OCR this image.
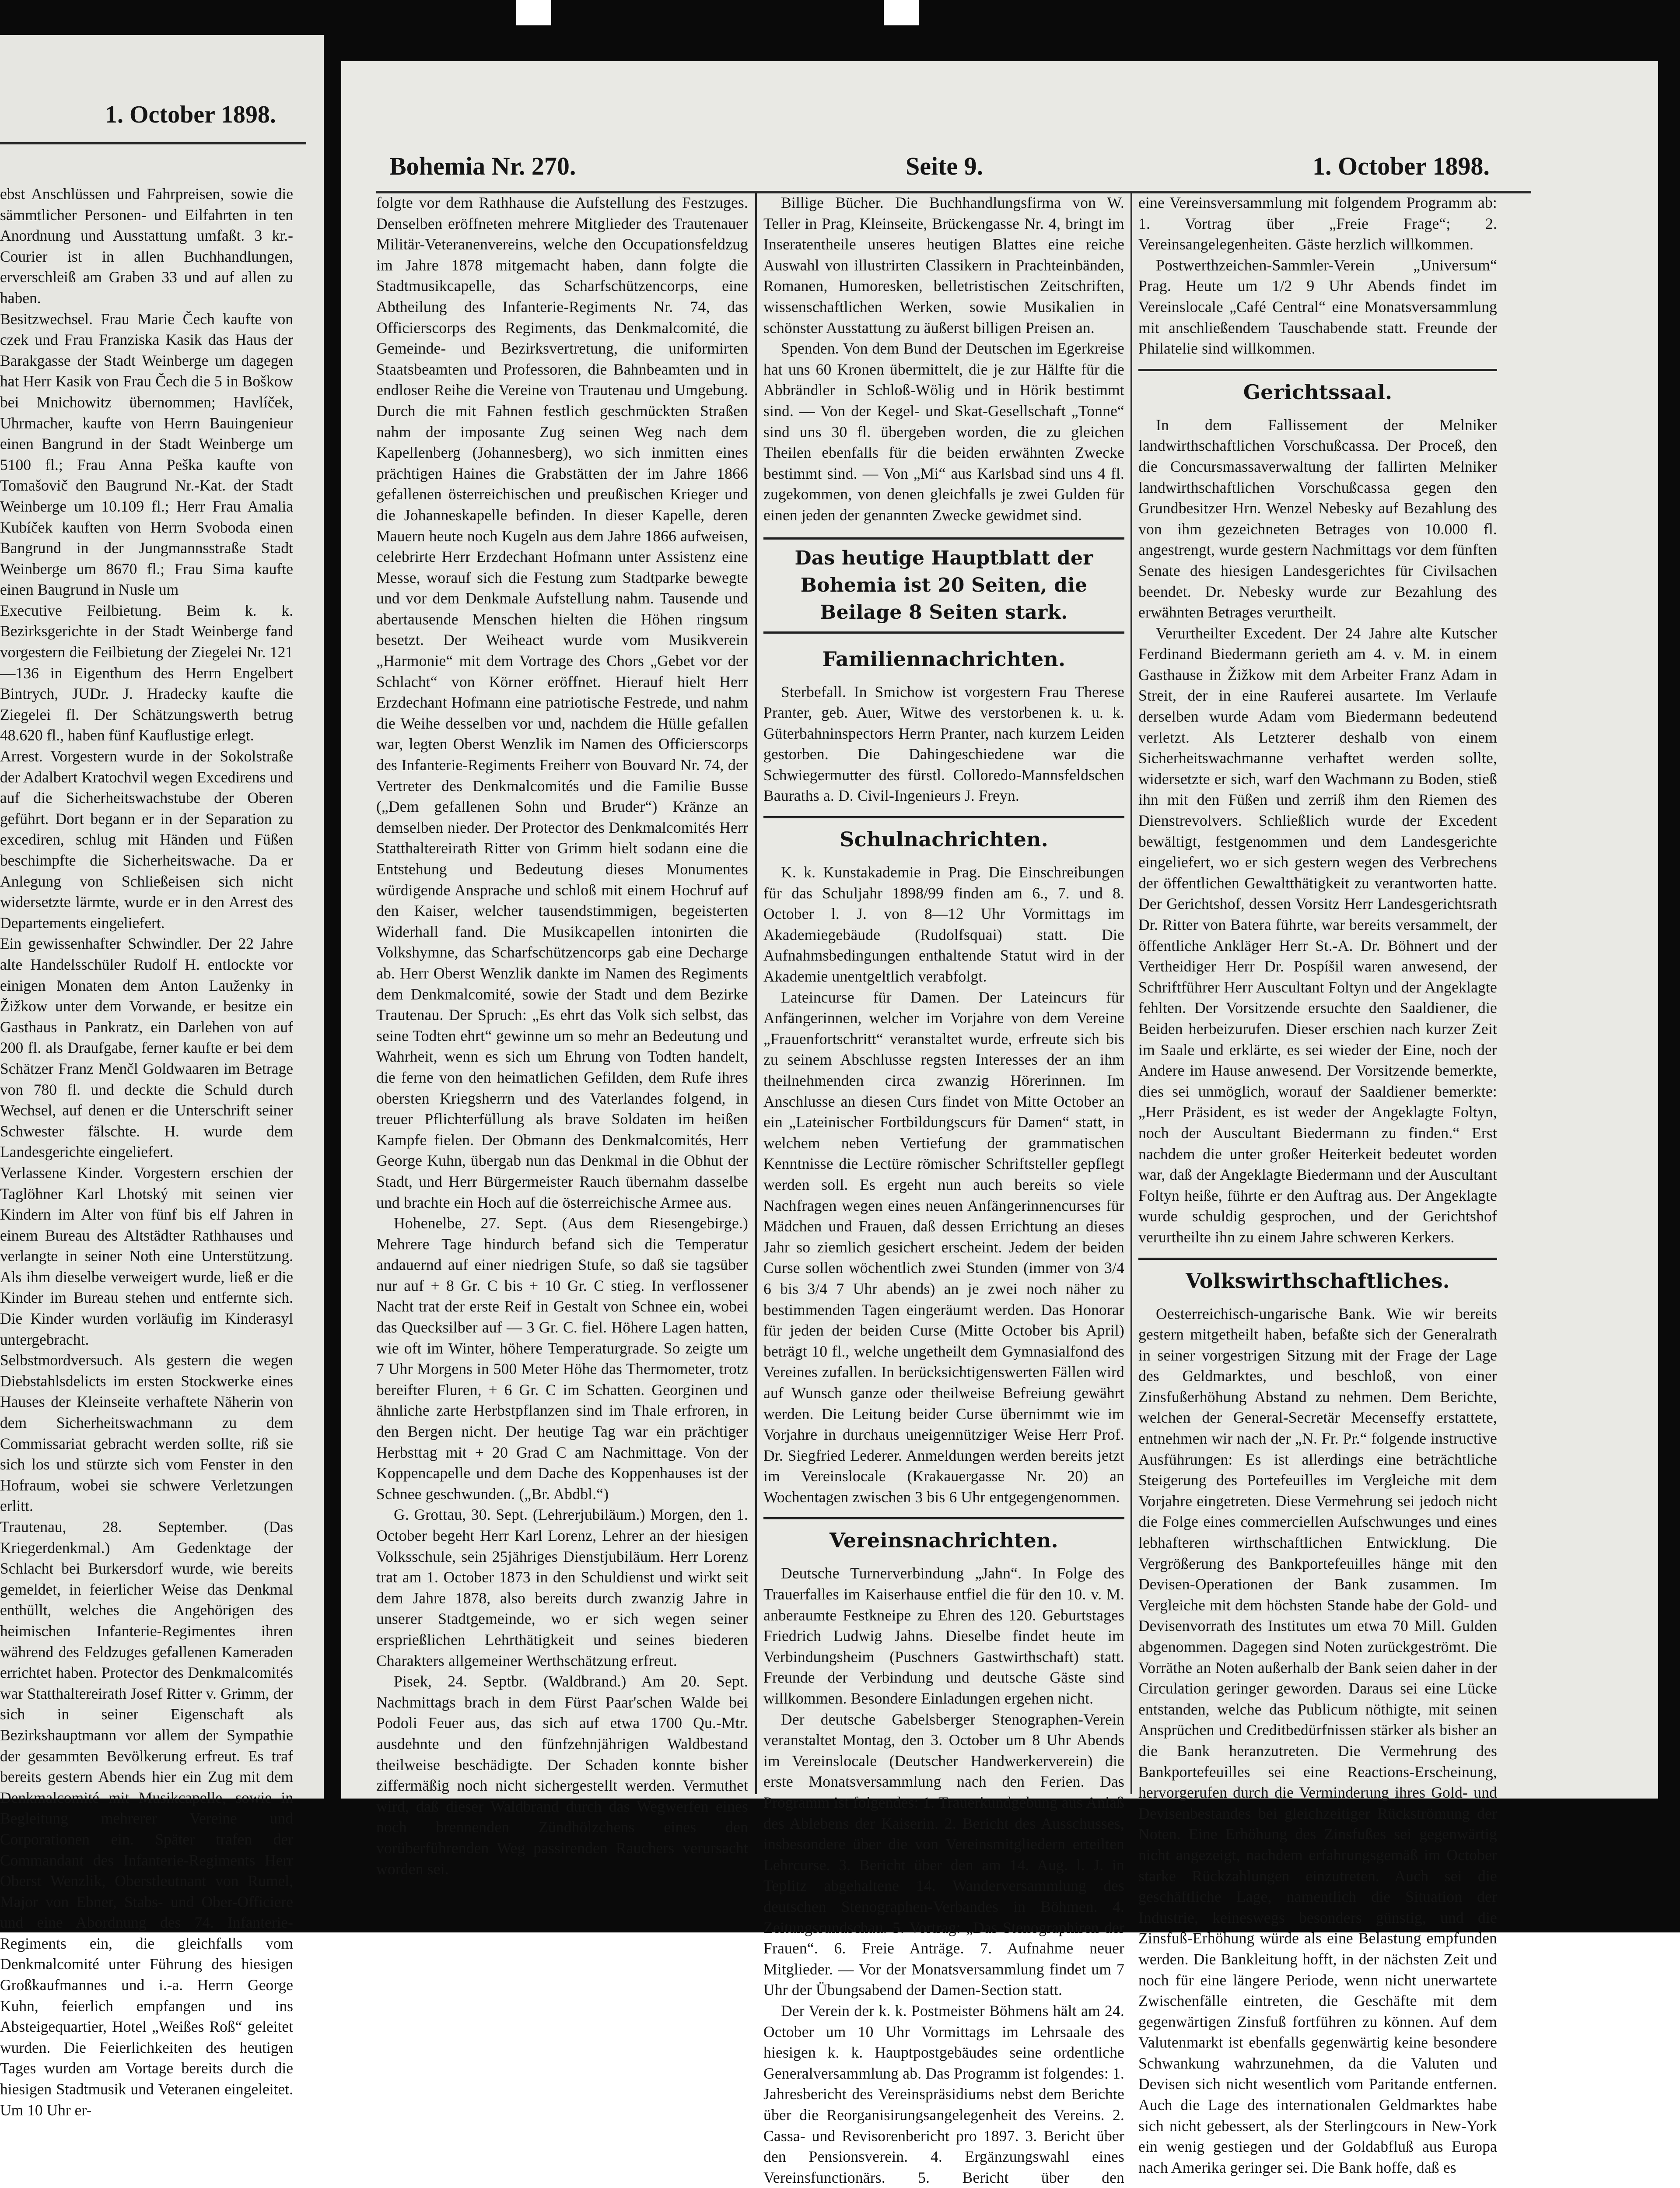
1. October 1898.

ebst Anschlüssen und Fahrpreisen, sowie die sämmtlicher Personen- und Eilfahrten in ten Anordnung und Ausstattung umfaßt. 3 kr.-Courier ist in allen Buchhandlungen, erverschleiß am Graben 33 und auf allen zu haben.

Besitzwechsel. Frau Marie Čech kaufte von czek und Frau Franziska Kasik das Haus der Barakgasse der Stadt Weinberge um dagegen hat Herr Kasik von Frau Čech die 5 in Boškow bei Mnichowitz übernommen; Havlíček, Uhrmacher, kaufte von Herrn Bauingenieur einen Bangrund in der Stadt Weinberge um 5100 fl.; Frau Anna Peška kaufte von Tomašovič den Baugrund Nr.-Kat. der Stadt Weinberge um 10.109 fl.; Herr Frau Amalia Kubíček kauften von Herrn Svoboda einen Bangrund in der Jungmannsstraße Stadt Weinberge um 8670 fl.; Frau Sima kaufte einen Baugrund in Nusle um

Executive Feilbietung. Beim k. k. Bezirksgerichte in der Stadt Weinberge fand vorgestern die Feilbietung der Ziegelei Nr. 121—136 in Eigenthum des Herrn Engelbert Bintrych, JUDr. J. Hradecky kaufte die Ziegelei fl. Der Schätzungswerth betrug 48.620 fl., haben fünf Kauflustige erlegt.

Arrest. Vorgestern wurde in der Sokolstraße der Adalbert Kratochvil wegen Excedirens und auf die Sicherheitswachstube der Oberen geführt. Dort begann er in der Separation zu excediren, schlug mit Händen und Füßen beschimpfte die Sicherheitswache. Da er Anlegung von Schließeisen sich nicht widersetzte lärmte, wurde er in den Arrest des Departements eingeliefert.

Ein gewissenhafter Schwindler. Der 22 Jahre alte Handelsschüler Rudolf H. entlockte vor einigen Monaten dem Anton Lauženky in Žižkow unter dem Vorwande, er besitze ein Gasthaus in Pankratz, ein Darlehen von auf 200 fl. als Draufgabe, ferner kaufte er bei dem Schätzer Franz Menčl Goldwaaren im Betrage von 780 fl. und deckte die Schuld durch Wechsel, auf denen er die Unterschrift seiner Schwester fälschte. H. wurde dem Landesgerichte eingeliefert.

Verlassene Kinder. Vorgestern erschien der Taglöhner Karl Lhotský mit seinen vier Kindern im Alter von fünf bis elf Jahren in einem Bureau des Altstädter Rathhauses und verlangte in seiner Noth eine Unterstützung. Als ihm dieselbe verweigert wurde, ließ er die Kinder im Bureau stehen und entfernte sich. Die Kinder wurden vorläufig im Kinderasyl untergebracht.

Selbstmordversuch. Als gestern die wegen Diebstahlsdelicts im ersten Stockwerke eines Hauses der Kleinseite verhaftete Näherin von dem Sicherheitswachmann zu dem Commissariat gebracht werden sollte, riß sie sich los und stürzte sich vom Fenster in den Hofraum, wobei sie schwere Verletzungen erlitt.

Trautenau, 28. September. (Das Kriegerdenkmal.) Am Gedenktage der Schlacht bei Burkersdorf wurde, wie bereits gemeldet, in feierlicher Weise das Denkmal enthüllt, welches die Angehörigen des heimischen Infanterie-Regimentes ihren während des Feldzuges gefallenen Kameraden errichtet haben. Protector des Denkmalcomités war Statthaltereirath Josef Ritter v. Grimm, der sich in seiner Eigenschaft als Bezirkshauptmann vor allem der Sympathie der gesammten Bevölkerung erfreut. Es traf bereits gestern Abends hier ein Zug mit dem Denkmalcomité mit Musikcapelle, sowie in Begleitung mehrerer Vereine und Corporationen ein. Später trafen der Commandant des Infanterie-Regiments Herr Oberst Wenzlik, Oberstleutnant von Rumel, Major von Ebner, Stabs- und Ober-Officiere und eine Abordnung des 74. Infanterie-Regiments ein, die gleichfalls vom Denkmalcomité unter Führung des hiesigen Großkaufmannes und i.-a. Herrn George Kuhn, feierlich empfangen und ins Absteigequartier, Hotel „Weißes Roß“ geleitet wurden. Die Feierlichkeiten des heutigen Tages wurden am Vortage bereits durch die hiesigen Stadtmusik und Veteranen eingeleitet. Um 10 Uhr er-

Bohemia Nr. 270.	Seite 9.	1. October 1898.

folgte vor dem Rathhause die Aufstellung des Festzuges. Denselben eröffneten mehrere Mitglieder des Trautenauer Militär-Veteranenvereins, welche den Occupationsfeldzug im Jahre 1878 mitgemacht haben, dann folgte die Stadtmusikcapelle, das Scharfschützencorps, eine Abtheilung des Infanterie-Regiments Nr. 74, das Officierscorps des Regiments, das Denkmalcomité, die Gemeinde- und Bezirksvertretung, die uniformirten Staatsbeamten und Professoren, die Bahnbeamten und in endloser Reihe die Vereine von Trautenau und Umgebung. Durch die mit Fahnen festlich geschmückten Straßen nahm der imposante Zug seinen Weg nach dem Kapellenberg (Johannesberg), wo sich inmitten eines prächtigen Haines die Grabstätten der im Jahre 1866 gefallenen österreichischen und preußischen Krieger und die Johanneskapelle befinden. In dieser Kapelle, deren Mauern heute noch Kugeln aus dem Jahre 1866 aufweisen, celebrirte Herr Erzdechant Hofmann unter Assistenz eine Messe, worauf sich die Festung zum Stadtparke bewegte und vor dem Denkmale Aufstellung nahm. Tausende und abertausende Menschen hielten die Höhen ringsum besetzt. Der Weiheact wurde vom Musikverein „Harmonie“ mit dem Vortrage des Chors „Gebet vor der Schlacht“ von Körner eröffnet. Hierauf hielt Herr Erzdechant Hofmann eine patriotische Festrede, und nahm die Weihe desselben vor und, nachdem die Hülle gefallen war, legten Oberst Wenzlik im Namen des Officierscorps des Infanterie-Regiments Freiherr von Bouvard Nr. 74, der Vertreter des Denkmalcomités und die Familie Busse („Dem gefallenen Sohn und Bruder“) Kränze an demselben nieder. Der Protector des Denkmalcomités Herr Statthaltereirath Ritter von Grimm hielt sodann eine die Entstehung und Bedeutung dieses Monumentes würdigende Ansprache und schloß mit einem Hochruf auf den Kaiser, welcher tausendstimmigen, begeisterten Widerhall fand. Die Musikcapellen intonirten die Volkshymne, das Scharfschützencorps gab eine Decharge ab. Herr Oberst Wenzlik dankte im Namen des Regiments dem Denkmalcomité, sowie der Stadt und dem Bezirke Trautenau. Der Spruch: „Es ehrt das Volk sich selbst, das seine Todten ehrt“ gewinne um so mehr an Bedeutung und Wahrheit, wenn es sich um Ehrung von Todten handelt, die ferne von den heimatlichen Gefilden, dem Rufe ihres obersten Kriegsherrn und des Vaterlandes folgend, in treuer Pflichterfüllung als brave Soldaten im heißen Kampfe fielen. Der Obmann des Denkmalcomités, Herr George Kuhn, übergab nun das Denkmal in die Obhut der Stadt, und Herr Bürgermeister Rauch übernahm dasselbe und brachte ein Hoch auf die österreichische Armee aus.

Hohenelbe, 27. Sept. (Aus dem Riesengebirge.) Mehrere Tage hindurch befand sich die Temperatur andauernd auf einer niedrigen Stufe, so daß sie tagsüber nur auf + 8 Gr. C bis + 10 Gr. C stieg. In verflossener Nacht trat der erste Reif in Gestalt von Schnee ein, wobei das Quecksilber auf — 3 Gr. C. fiel. Höhere Lagen hatten, wie oft im Winter, höhere Temperaturgrade. So zeigte um 7 Uhr Morgens in 500 Meter Höhe das Thermometer, trotz bereifter Fluren, + 6 Gr. C im Schatten. Georginen und ähnliche zarte Herbstpflanzen sind im Thale erfroren, in den Bergen nicht. Der heutige Tag war ein prächtiger Herbsttag mit + 20 Grad C am Nachmittage. Von der Koppencapelle und dem Dache des Koppenhauses ist der Schnee geschwunden. („Br. Abdbl.“)

G. Grottau, 30. Sept. (Lehrerjubiläum.) Morgen, den 1. October begeht Herr Karl Lorenz, Lehrer an der hiesigen Volksschule, sein 25jähriges Dienstjubiläum. Herr Lorenz trat am 1. October 1873 in den Schuldienst und wirkt seit dem Jahre 1878, also bereits durch zwanzig Jahre in unserer Stadtgemeinde, wo er sich wegen seiner ersprießlichen Lehrthätigkeit und seines biederen Charakters allgemeiner Werthschätzung erfreut.

Pisek, 24. Septbr. (Waldbrand.) Am 20. Sept. Nachmittags brach in dem Fürst Paar'schen Walde bei Podoli Feuer aus, das sich auf etwa 1700 Qu.-Mtr. ausdehnte und den fünfzehnjährigen Waldbestand theilweise beschädigte. Der Schaden konnte bisher ziffermäßig noch nicht sichergestellt werden. Vermuthet wird, daß dieser Waldbrand durch das Wegwerfen eines noch brennenden Zündhölzchens eines den vorüberführenden Weg passirenden Rauchers verursacht worden sei.

Billige Bücher. Die Buchhandlungsfirma von W. Teller in Prag, Kleinseite, Brückengasse Nr. 4, bringt im Inseratentheile unseres heutigen Blattes eine reiche Auswahl von illustrirten Classikern in Prachteinbänden, Romanen, Humoresken, belletristischen Zeitschriften, wissenschaftlichen Werken, sowie Musikalien in schönster Ausstattung zu äußerst billigen Preisen an.

Spenden. Von dem Bund der Deutschen im Egerkreise hat uns 60 Kronen übermittelt, die je zur Hälfte für die Abbrändler in Schloß-Wölig und in Hörik bestimmt sind. — Von der Kegel- und Skat-Gesellschaft „Tonne“ sind uns 30 fl. übergeben worden, die zu gleichen Theilen ebenfalls für die beiden erwähnten Zwecke bestimmt sind. — Von „Mi“ aus Karlsbad sind uns 4 fl. zugekommen, von denen gleichfalls je zwei Gulden für einen jeden der genannten Zwecke gewidmet sind.

Das heutige Hauptblatt der Bohemia ist 20 Seiten, die Beilage 8 Seiten stark.
Familiennachrichten.

Sterbefall. In Smichow ist vorgestern Frau Therese Pranter, geb. Auer, Witwe des verstorbenen k. u. k. Güterbahninspectors Herrn Pranter, nach kurzem Leiden gestorben. Die Dahingeschiedene war die Schwiegermutter des fürstl. Colloredo-Mannsfeldschen Bauraths a. D. Civil-Ingenieurs J. Freyn.

Schulnachrichten.

K. k. Kunstakademie in Prag. Die Einschreibungen für das Schuljahr 1898/99 finden am 6., 7. und 8. October l. J. von 8—12 Uhr Vormittags im Akademiegebäude (Rudolfsquai) statt. Die Aufnahmsbedingungen enthaltende Statut wird in der Akademie unentgeltlich verabfolgt.

Lateincurse für Damen. Der Lateincurs für Anfängerinnen, welcher im Vorjahre von dem Vereine „Frauenfortschritt“ veranstaltet wurde, erfreute sich bis zu seinem Abschlusse regsten Interesses der an ihm theilnehmenden circa zwanzig Hörerinnen. Im Anschlusse an diesen Curs findet von Mitte October an ein „Lateinischer Fortbildungscurs für Damen“ statt, in welchem neben Vertiefung der grammatischen Kenntnisse die Lectüre römischer Schriftsteller gepflegt werden soll. Es ergeht nun auch bereits so viele Nachfragen wegen eines neuen Anfängerinnencurses für Mädchen und Frauen, daß dessen Errichtung an dieses Jahr so ziemlich gesichert erscheint. Jedem der beiden Curse sollen wöchentlich zwei Stunden (immer von 3/4 6 bis 3/4 7 Uhr abends) an je zwei noch näher zu bestimmenden Tagen eingeräumt werden. Das Honorar für jeden der beiden Curse (Mitte October bis April) beträgt 10 fl., welche ungetheilt dem Gymnasialfond des Vereines zufallen. In berücksichtigenswerten Fällen wird auf Wunsch ganze oder theilweise Befreiung gewährt werden. Die Leitung beider Curse übernimmt wie im Vorjahre in durchaus uneigennütziger Weise Herr Prof. Dr. Siegfried Lederer. Anmeldungen werden bereits jetzt im Vereinslocale (Krakauergasse Nr. 20) an Wochentagen zwischen 3 bis 6 Uhr entgegengenommen.

Vereinsnachrichten.

Deutsche Turnerverbindung „Jahn“. In Folge des Trauerfalles im Kaiserhause entfiel die für den 10. v. M. anberaumte Festkneipe zu Ehren des 120. Geburtstages Friedrich Ludwig Jahns. Dieselbe findet heute im Verbindungsheim (Puschners Gastwirthschaft) statt. Freunde der Verbindung und deutsche Gäste sind willkommen. Besondere Einladungen ergehen nicht.

Der deutsche Gabelsberger Stenographen-Verein veranstaltet Montag, den 3. October um 8 Uhr Abends im Vereinslocale (Deutscher Handwerkerverein) die erste Monatsversammlung nach den Ferien. Das Programm ist folgendes: 1. Trauerkundgebung aus Anlaß des Ablebens der Kaiserin. 2. Bericht des Ausschusses, insbesondere über die von Vereinsmitgliedern erteilten Lehrcurse. 3. Bericht über den am 14. Aug. l. J. in Teplitz abgehaltene 14. Wanderversammlung des deutschen Stenographen-Verbandes in Böhmen. 4. Zeitungsrundschau. 5. Vortrag: „Das Stenographiren der Frauen“. 6. Freie Anträge. 7. Aufnahme neuer Mitglieder. — Vor der Monatsversammlung findet um 7 Uhr der Übungsabend der Damen-Section statt.

Der Verein der k. k. Postmeister Böhmens hält am 24. October um 10 Uhr Vormittags im Lehrsaale des hiesigen k. k. Hauptpostgebäudes seine ordentliche Generalversammlung ab. Das Programm ist folgendes: 1. Jahresbericht des Vereinspräsidiums nebst dem Berichte über die Reorganisirungsangelegenheit des Vereins. 2. Cassa- und Revisorenbericht pro 1897. 3. Bericht über den Pensionsverein. 4. Ergänzungswahl eines Vereinsfunctionärs. 5. Bericht über den

eine Vereinsversammlung mit folgendem Programm ab: 1. Vortrag über „Freie Frage“; 2. Vereinsangelegenheiten. Gäste herzlich willkommen.

Postwerthzeichen-Sammler-Verein „Universum“ Prag. Heute um 1/2 9 Uhr Abends findet im Vereinslocale „Café Central“ eine Monatsversammlung mit anschließendem Tauschabende statt. Freunde der Philatelie sind willkommen.

Gerichtssaal.

In dem Fallissement der Melniker landwirthschaftlichen Vorschußcassa. Der Proceß, den die Concursmassaverwaltung der fallirten Melniker landwirthschaftlichen Vorschußcassa gegen den Grundbesitzer Hrn. Wenzel Nebesky auf Bezahlung des von ihm gezeichneten Betrages von 10.000 fl. angestrengt, wurde gestern Nachmittags vor dem fünften Senate des hiesigen Landesgerichtes für Civilsachen beendet. Dr. Nebesky wurde zur Bezahlung des erwähnten Betrages verurtheilt.

Verurtheilter Excedent. Der 24 Jahre alte Kutscher Ferdinand Biedermann gerieth am 4. v. M. in einem Gasthause in Žižkow mit dem Arbeiter Franz Adam in Streit, der in eine Rauferei ausartete. Im Verlaufe derselben wurde Adam vom Biedermann bedeutend verletzt. Als Letzterer deshalb von einem Sicherheitswachmanne verhaftet werden sollte, widersetzte er sich, warf den Wachmann zu Boden, stieß ihn mit den Füßen und zerriß ihm den Riemen des Dienstrevolvers. Schließlich wurde der Excedent bewältigt, festgenommen und dem Landesgerichte eingeliefert, wo er sich gestern wegen des Verbrechens der öffentlichen Gewaltthätigkeit zu verantworten hatte. Der Gerichtshof, dessen Vorsitz Herr Landesgerichtsrath Dr. Ritter von Batera führte, war bereits versammelt, der öffentliche Ankläger Herr St.-A. Dr. Böhnert und der Vertheidiger Herr Dr. Pospíšil waren anwesend, der Schriftführer Herr Auscultant Foltyn und der Angeklagte fehlten. Der Vorsitzende ersuchte den Saaldiener, die Beiden herbeizurufen. Dieser erschien nach kurzer Zeit im Saale und erklärte, es sei wieder der Eine, noch der Andere im Hause anwesend. Der Vorsitzende bemerkte, dies sei unmöglich, worauf der Saaldiener bemerkte: „Herr Präsident, es ist weder der Angeklagte Foltyn, noch der Auscultant Biedermann zu finden.“ Erst nachdem die unter großer Heiterkeit bedeutet worden war, daß der Angeklagte Biedermann und der Auscultant Foltyn heiße, führte er den Auftrag aus. Der Angeklagte wurde schuldig gesprochen, und der Gerichtshof verurtheilte ihn zu einem Jahre schweren Kerkers.

Volkswirthschaftliches.

Oesterreichisch-ungarische Bank. Wie wir bereits gestern mitgetheilt haben, befaßte sich der Generalrath in seiner vorgestrigen Sitzung mit der Frage der Lage des Geldmarktes, und beschloß, von einer Zinsfußerhöhung Abstand zu nehmen. Dem Berichte, welchen der General-Secretär Mecenseffy erstattete, entnehmen wir nach der „N. Fr. Pr.“ folgende instructive Ausführungen: Es ist allerdings eine beträchtliche Steigerung des Portefeuilles im Vergleiche mit dem Vorjahre eingetreten. Diese Vermehrung sei jedoch nicht die Folge eines commerciellen Aufschwunges und eines lebhafteren wirthschaftlichen Entwicklung. Die Vergrößerung des Bankportefeuilles hänge mit den Devisen-Operationen der Bank zusammen. Im Vergleiche mit dem höchsten Stande habe der Gold- und Devisenvorrath des Institutes um etwa 70 Mill. Gulden abgenommen. Dagegen sind Noten zurückgeströmt. Die Vorräthe an Noten außerhalb der Bank seien daher in der Circulation geringer geworden. Daraus sei eine Lücke entstanden, welche das Publicum nöthigte, mit seinen Ansprüchen und Creditbedürfnissen stärker als bisher an die Bank heranzutreten. Die Vermehrung des Bankportefeuilles sei eine Reactions-Erscheinung, hervorgerufen durch die Verminderung ihres Gold- und Devisenbestandes bei gleichzeitiger Rückströmung der Noten. Eine Erhöhung des Zinsfußes sei gegenwärtig nicht angezeigt, nachdem erfahrungsgemäß im October starke Rückzahlungen einzutreten. Auch sei die geschäftliche Lage, namentlich die Situation der Industrie, keineswegs besonders günstig, und die Zinsfuß-Erhöhung würde als eine Belastung empfunden werden. Die Bankleitung hofft, in der nächsten Zeit und noch für eine längere Periode, wenn nicht unerwartete Zwischenfälle eintreten, die Geschäfte mit dem gegenwärtigen Zinsfuß fortführen zu können. Auf dem Valutenmarkt ist ebenfalls gegenwärtig keine besondere Schwankung wahrzunehmen, da die Valuten und Devisen sich nicht wesentlich vom Paritande entfernen. Auch die Lage des internationalen Geldmarktes habe sich nicht gebessert, als der Sterlingcours in New-York ein wenig gestiegen und der Goldabfluß aus Europa nach Amerika geringer sei. Die Bank hoffe, daß es
